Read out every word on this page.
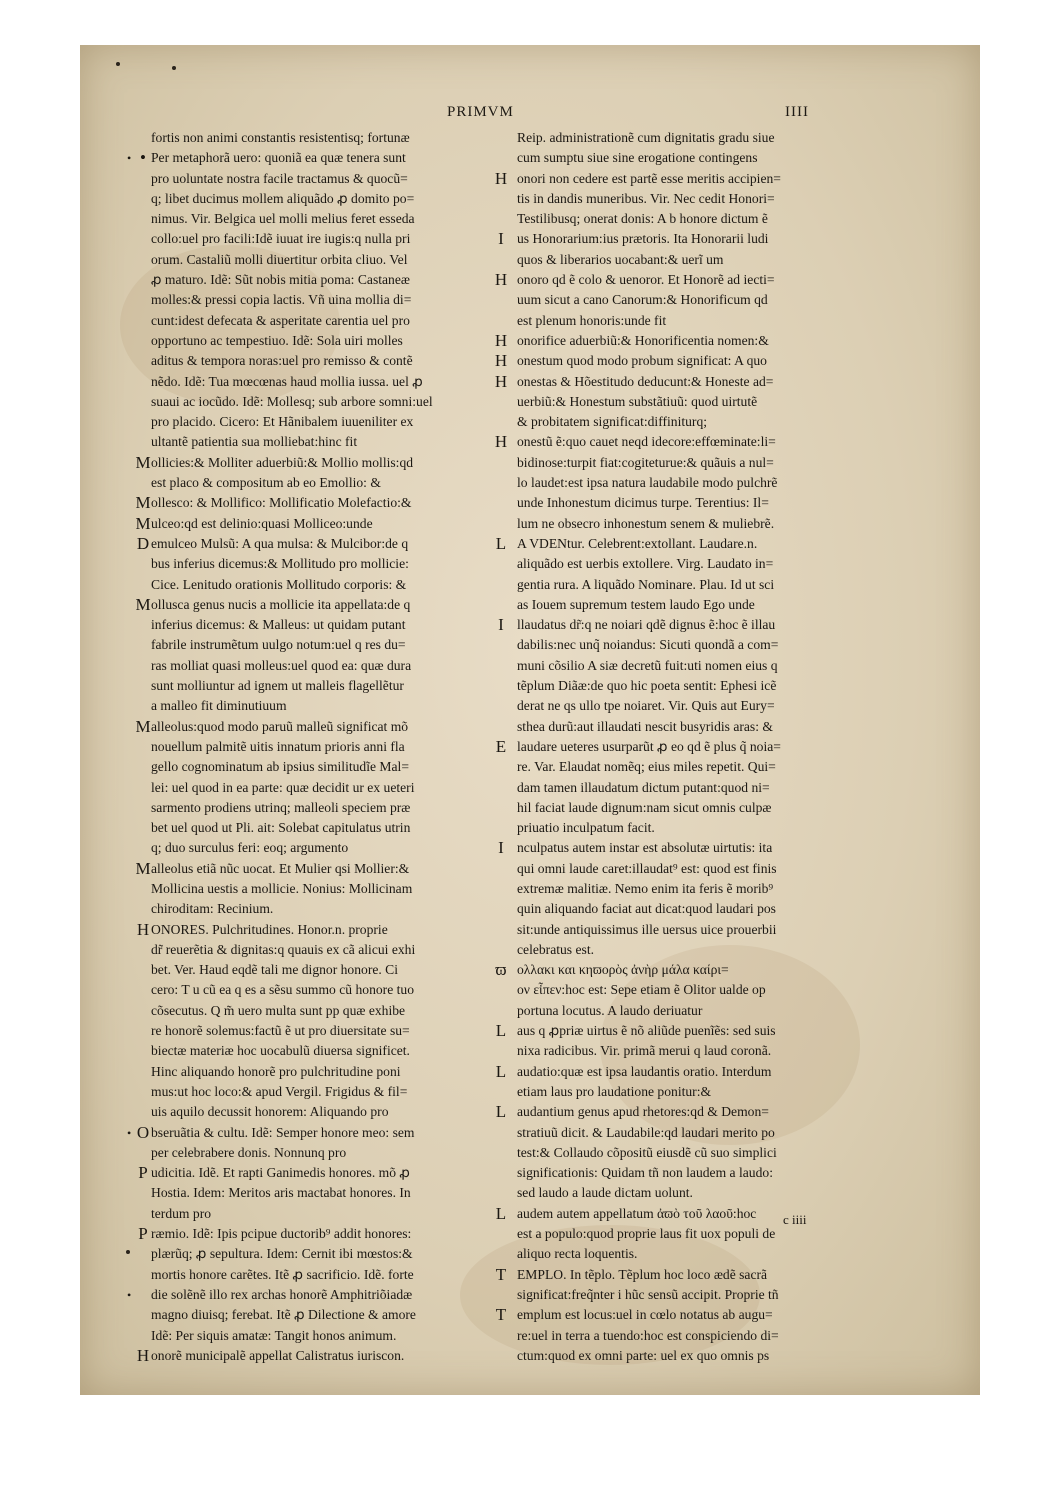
PRIMVM	IIII
fortis non animi constantis resistentisq; fortunæ
•
• Per metaphorã uero: quoniã ea quæ tenera sunt
pro uoluntate nostra facile tractamus & quocũ=
q; libet ducimus mollem aliquãdo ꝓ domito po=
nimus. Vir. Belgica uel molli melius feret esseda
collo:uel pro facili:Idẽ iuuat ire iugis:q nulla pri
orum. Castaliũ molli diuertitur orbita cliuo. Vel
ꝓ maturo. Idẽ: Sũt nobis mitia poma: Castaneæ
molles:& pressi copia lactis. Vñ uina mollia di=
cunt:idest defecata & asperitate carentia uel pro
opportuno ac tempestiuo. Idẽ: Sola uiri molles
aditus & tempora noras:uel pro remisso & contẽ
nẽdo. Idẽ: Tua mœcœnas haud mollia iussa. uel ꝓ
suaui ac iocũdo. Idẽ: Mollesq; sub arbore somni:uel
pro placido. Cicero: Et Hãnibalem iuueniliter ex
ultantẽ patientia sua molliebat:hinc fit
M ollicies:& Molliter aduerbiũ:& Mollio mollis:qd
est placo & compositum ab eo Emollio: &
M ollesco: & Mollifico: Mollificatio Molefactio:&
M ulceo:qd est delinio:quasi Molliceo:unde
D emulceo Mulsũ: A qua mulsa: & Mulcibor:de q
bus inferius dicemus:& Mollitudo pro mollicie:
Cice. Lenitudo orationis Mollitudo corporis: &
M ollusca genus nucis a mollicie ita appellata:de q
inferius dicemus: & Malleus: ut quidam putant
fabrile instrumẽtum uulgo notum:uel q res du=
ras molliat quasi molleus:uel quod ea: quæ dura
sunt molliuntur ad ignem ut malleis flagellẽtur
a malleo fit diminutiuum
M alleolus:quod modo paruũ malleũ significat mõ
nouellum palmitẽ uitis innatum prioris anni fla
gello cognominatum ab ipsius similitudĩe Mal=
lei: uel quod in ea parte: quæ decidit ur ex ueteri
sarmento prodiens utrinq; malleoli speciem præ
bet uel quod ut Pli. ait: Solebat capitulatus utrin
q; duo surculus feri: eoq; argumento
M alleolus etiã nũc uocat. Et Mulier qsi Mollier:&
Mollicina uestis a mollicie. Nonius: Mollicinam
chiroditam: Recinium.
H ONORES. Pulchritudines. Honor.n. proprie
dr̃ reuerẽtia & dignitas:q quauis ex cã alicui exhi
bet. Ver. Haud eqdẽ tali me dignor honore. Ci
cero: T u cũ ea q es a sẽsu summo cũ honore tuo
cõsecutus. Q m̃ uero multa sunt pp quæ exhibe
re honorẽ solemus:factũ ẽ ut pro diuersitate su=
biectæ materiæ hoc uocabulũ diuersa significet.
Hinc aliquando honorẽ pro pulchritudine poni
mus:ut hoc loco:& apud Vergil. Frigidus & fil=
uis aquilo decussit honorem: Aliquando pro
O
• bseruãtia & cultu. Idẽ: Semper honore meo: sem
per celebrabere donis. Nonnunq pro
P udicitia. Idẽ. Et rapti Ganimedis honores. mõ ꝓ
Hostia. Idem: Meritos aris mactabat honores. In
terdum pro
P ræmio. Idẽ: Ipis pcipue ductorib⁹ addit honores:
plærũq; ꝓ sepultura. Idem: Cernit ibi mœstos:&
mortis honore carẽtes. Itẽ ꝓ sacrificio. Idẽ. forte
• die solẽnẽ illo rex archas honorẽ Amphitriõiadæ
magno diuisq; ferebat. Itẽ ꝓ Dilectione & amore
Idẽ: Per siquis amatæ: Tangit honos animum.
H onorẽ municipalẽ appellat Calistratus iuriscon.
Reip. administrationẽ cum dignitatis gradu siue
cum sumptu siue sine erogatione contingens
H onori non cedere est partẽ esse meritis accipien=
tis in dandis muneribus. Vir. Nec cedit Honori=
Testilibusq; onerat donis: A b honore dictum ẽ
I us Honorarium:ius prætoris. Ita Honorarii ludi
quos & liberarios uocabant:& uerĩ um
H onoro qd ẽ colo & uenoror. Et Honorẽ ad iecti=
uum sicut a cano Canorum:& Honorificum qd
est plenum honoris:unde fit
H onorifice aduerbiũ:& Honorificentia nomen:&
H onestum quod modo probum significat: A quo
H onestas & Hõestitudo deducunt:& Honeste ad=
uerbiũ:& Honestum substãtiuũ: quod uirtutẽ
& probitatem significat:diffiniturq;
H onestũ ẽ:quo cauet neqd idecore:effœminate:li=
bidinose:turpit fiat:cogiteturue:& quãuis a nul=
lo laudet:est ipsa natura laudabile modo pulchrẽ
unde Inhonestum dicimus turpe. Terentius: Il=
lum ne obsecro inhonestum senem & muliebrẽ.
L A VDENtur. Celebrent:extollant. Laudare.n.
aliquãdo est uerbis extollere. Virg. Laudato in=
gentia rura. A liquãdo Nominare. Plau. Id ut sci
as Iouem supremum testem laudo Ego unde
I llaudatus dr̃:q ne noiari qdẽ dignus ẽ:hoc ẽ illau
dabilis:nec unq̃ noiandus: Sicuti quondã a com=
muni cõsilio A siæ decretũ fuit:uti nomen eius q
tẽplum Diãæ:de quo hic poeta sentit: Ephesi icẽ
derat ne qs ullo tpe noiaret. Vir. Quis aut Eury=
sthea durũ:aut illaudati nescit busyridis aras: &
E laudare ueteres usurparũt ꝓ eo qd ẽ plus q̃ noia=
re. Var. Elaudat nomẽq; eius miles repetit. Qui=
dam tamen illaudatum dictum putant:quod ni=
hil faciat laude dignum:nam sicut omnis culpæ
priuatio inculpatum facit.
I nculpatus autem instar est absolutæ uirtutis: ita
qui omni laude caret:illaudat⁹ est: quod est finis
extremæ malitiæ. Nemo enim ita feris ẽ morib⁹
quin aliquando faciat aut dicat:quod laudari pos
sit:unde antiquissimus ille uersus uice prouerbii
celebratus est.
ϖ ολλακι και κηϖορὸς ἀνὴρ μάλα καίρι=
ον εἶπεν:hoc est: Sepe etiam ẽ Olitor ualde op
portuna locutus. A laudo deriuatur
L aus q ꝓpriæ uirtus ẽ nõ aliũde puenĩẽs: sed suis
nixa radicibus. Vir. primã merui q laud coronã.
L audatio:quæ est ipsa laudantis oratio. Interdum
etiam laus pro laudatione ponitur:&
L audantium genus apud rhetores:qd & Demon=
stratiuũ dicit. & Laudabile:qd laudari merito po
test:& Collaudo cõpositũ eiusdẽ cũ suo simplici
significationis: Quidam tñ non laudem a laudo:
sed laudo a laude dictam uolunt.
L audem autem appellatum ἀϖὸ τοῦ λαοῦ:hoc
est a populo:quod proprie laus fit uox populi de
aliquo recta loquentis.
T EMPLO. In tẽplo. Tẽplum hoc loco ædẽ sacrã
significat:freq̃nter i hũc sensũ accipit. Proprie tñ
T emplum est locus:uel in cœlo notatus ab augu=
re:uel in terra a tuendo:hoc est conspiciendo di=
ctum:quod ex omni parte: uel ex quo omnis ps
c iiii
